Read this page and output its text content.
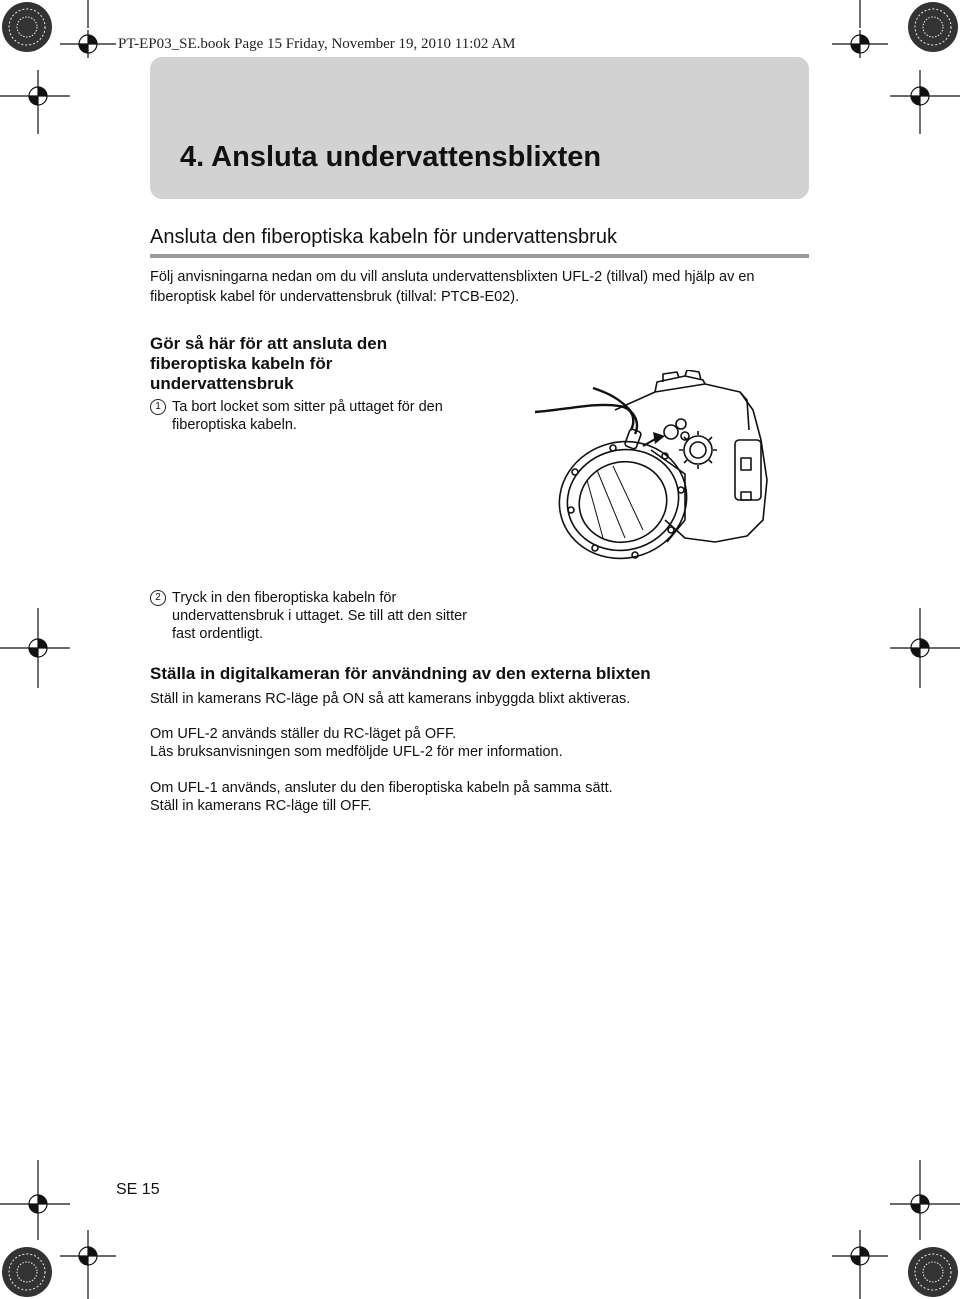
PT-EP03_SE.book Page 15 Friday, November 19, 2010 11:02 AM
4. Ansluta undervattensblixten
Ansluta den fiberoptiska kabeln för undervattensbruk
Följ anvisningarna nedan om du vill ansluta undervattensblixten UFL-2 (tillval) med hjälp av en fiberoptisk kabel för undervattensbruk (tillval: PTCB-E02).
Gör så här för att ansluta den fiberoptiska kabeln för undervattensbruk
1 Ta bort locket som sitter på uttaget för den fiberoptiska kabeln.
2 Tryck in den fiberoptiska kabeln för undervattensbruk i uttaget. Se till att den sitter fast ordentligt.
Ställa in digitalkameran för användning av den externa blixten
Ställ in kamerans RC-läge på ON så att kamerans inbyggda blixt aktiveras.
Om UFL-2 används ställer du RC-läget på OFF.
Läs bruksanvisningen som medföljde UFL-2 för mer information.
Om UFL-1 används, ansluter du den fiberoptiska kabeln på samma sätt.
Ställ in kamerans RC-läge till OFF.
SE 15
